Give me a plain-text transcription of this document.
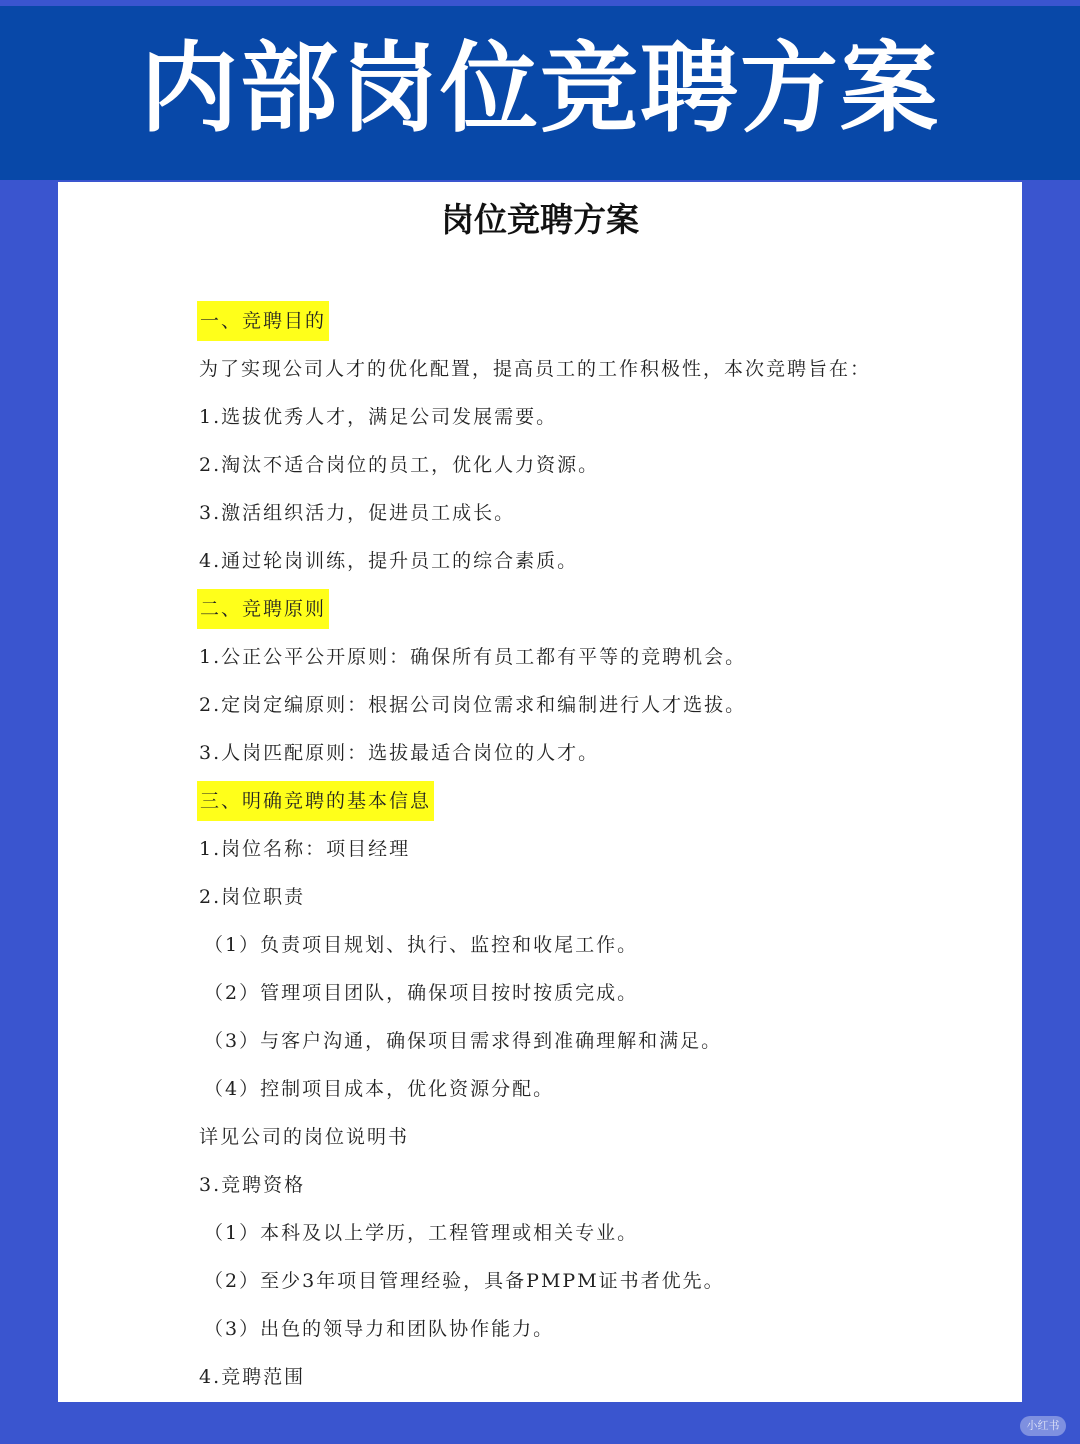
内部岗位竞聘方案
岗位竞聘方案
一、竞聘目的
为了实现公司人才的优化配置，提高员工的工作积极性，本次竞聘旨在：
1.选拔优秀人才，满足公司发展需要。
2.淘汰不适合岗位的员工，优化人力资源。
3.激活组织活力，促进员工成长。
4.通过轮岗训练，提升员工的综合素质。
二、竞聘原则
1.公正公平公开原则：确保所有员工都有平等的竞聘机会。
2.定岗定编原则：根据公司岗位需求和编制进行人才选拔。
3.人岗匹配原则：选拔最适合岗位的人才。
三、明确竞聘的基本信息
1.岗位名称：项目经理
2.岗位职责
（1）负责项目规划、执行、监控和收尾工作。
（2）管理项目团队，确保项目按时按质完成。
（3）与客户沟通，确保项目需求得到准确理解和满足。
（4）控制项目成本，优化资源分配。
详见公司的岗位说明书
3.竞聘资格
（1）本科及以上学历，工程管理或相关专业。
（2）至少3年项目管理经验，具备PMPM证书者优先。
（3）出色的领导力和团队协作能力。
4.竞聘范围
小红书
